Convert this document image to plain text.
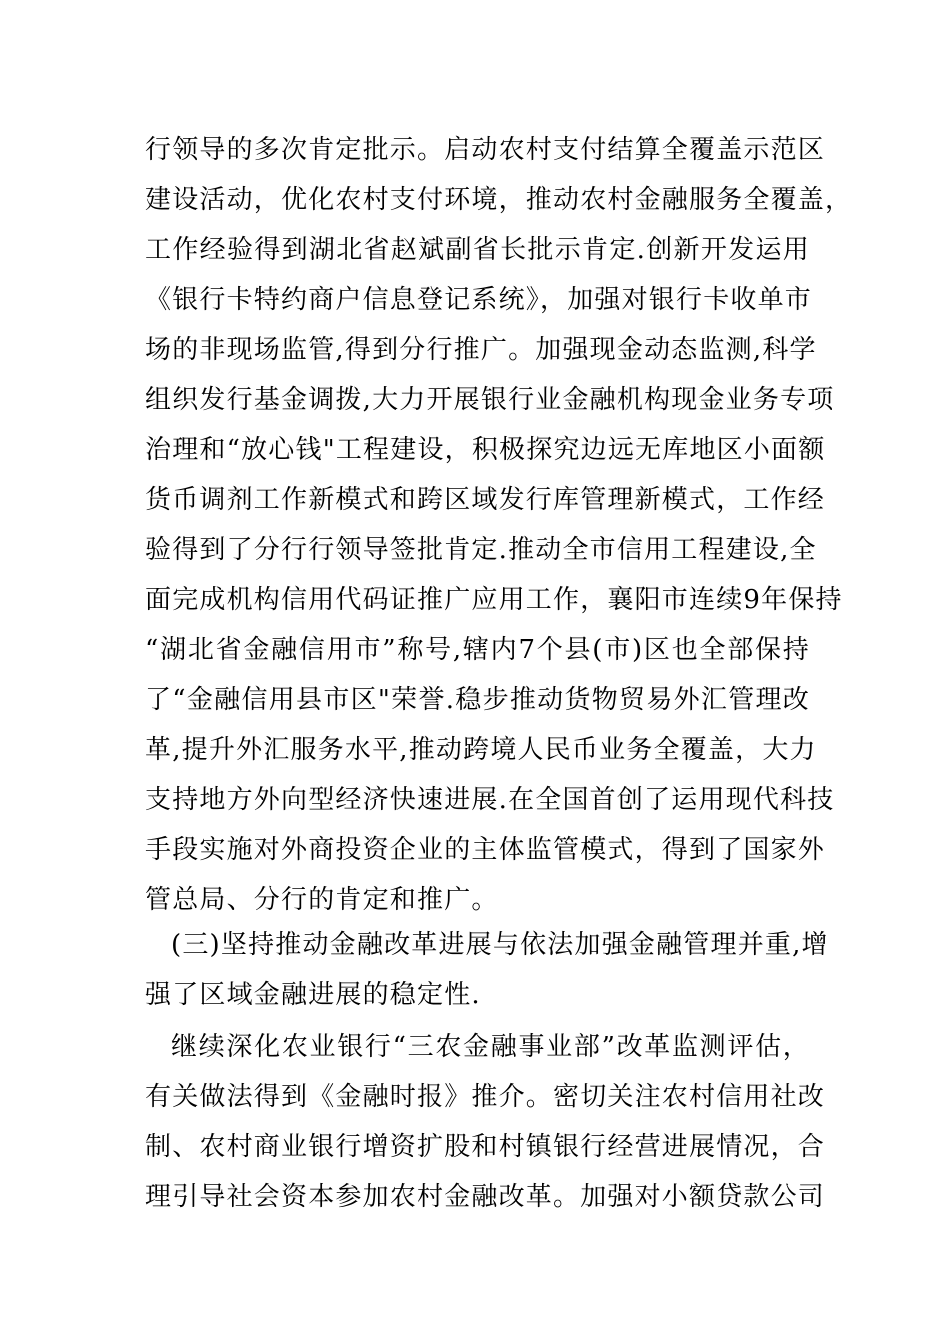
行领导的多次肯定批示。启动农村支付结算全覆盖示范区
建设活动，优化农村支付环境，推动农村金融服务全覆盖，
工作经验得到湖北省赵斌副省长批示肯定.创新开发运用
《银行卡特约商户信息登记系统》，加强对银行卡收单市
场的非现场监管,得到分行推广。加强现金动态监测,科学
组织发行基金调拨,大力开展银行业金融机构现金业务专项
治理和“放心钱"工程建设，积极探究边远无库地区小面额
货币调剂工作新模式和跨区域发行库管理新模式，工作经
验得到了分行行领导签批肯定.推动全市信用工程建设,全
面完成机构信用代码证推广应用工作，襄阳市连续9年保持
“湖北省金融信用市”称号,辖内7个县(市)区也全部保持
了“金融信用县市区"荣誉.稳步推动货物贸易外汇管理改
革,提升外汇服务水平,推动跨境人民币业务全覆盖，大力
支持地方外向型经济快速进展.在全国首创了运用现代科技
手段实施对外商投资企业的主体监管模式，得到了国家外
管总局、分行的肯定和推广。
(三)坚持推动金融改革进展与依法加强金融管理并重,增
强了区域金融进展的稳定性.
继续深化农业银行“三农金融事业部”改革监测评估，
有关做法得到《金融时报》推介。密切关注农村信用社改
制、农村商业银行增资扩股和村镇银行经营进展情况，合
理引导社会资本参加农村金融改革。加强对小额贷款公司
